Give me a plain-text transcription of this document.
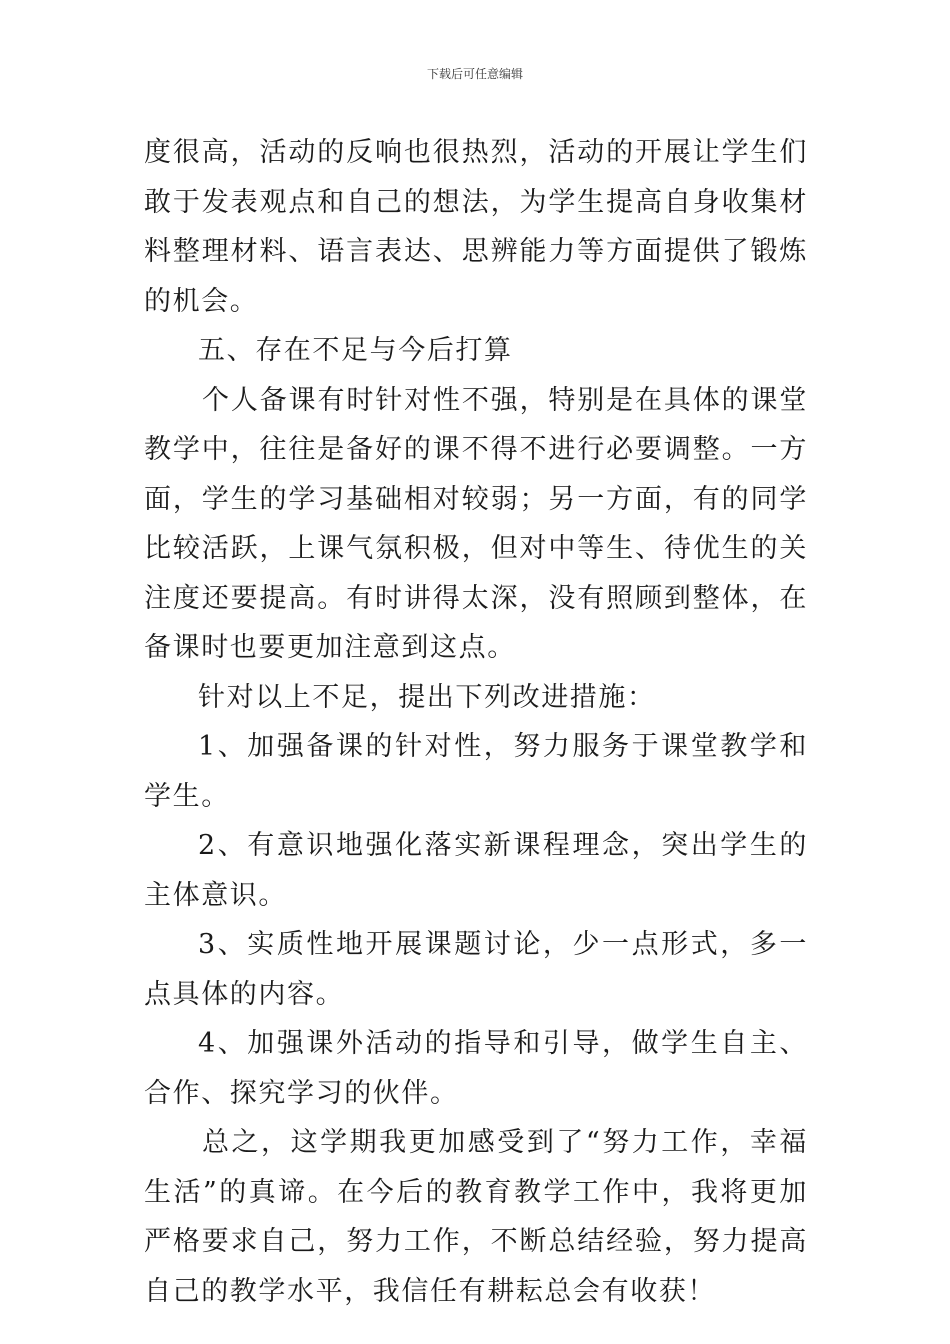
下载后可任意编辑

度很高，活动的反响也很热烈，活动的开展让学生们敢于发表观点和自己的想法，为学生提高自身收集材料整理材料、语言表达、思辨能力等方面提供了锻炼的机会。

五、存在不足与今后打算

个人备课有时针对性不强，特别是在具体的课堂教学中，往往是备好的课不得不进行必要调整。一方面，学生的学习基础相对较弱；另一方面，有的同学比较活跃，上课气氛积极，但对中等生、待优生的关注度还要提高。有时讲得太深，没有照顾到整体，在备课时也要更加注意到这点。

针对以上不足，提出下列改进措施：

1、加强备课的针对性，努力服务于课堂教学和学生。

2、有意识地强化落实新课程理念，突出学生的主体意识。

3、实质性地开展课题讨论，少一点形式，多一点具体的内容。

4、加强课外活动的指导和引导，做学生自主、合作、探究学习的伙伴。

总之，这学期我更加感受到了“努力工作，幸福生活”的真谛。在今后的教育教学工作中，我将更加严格要求自己，努力工作，不断总结经验，努力提高自己的教学水平，我信任有耕耘总会有收获！
